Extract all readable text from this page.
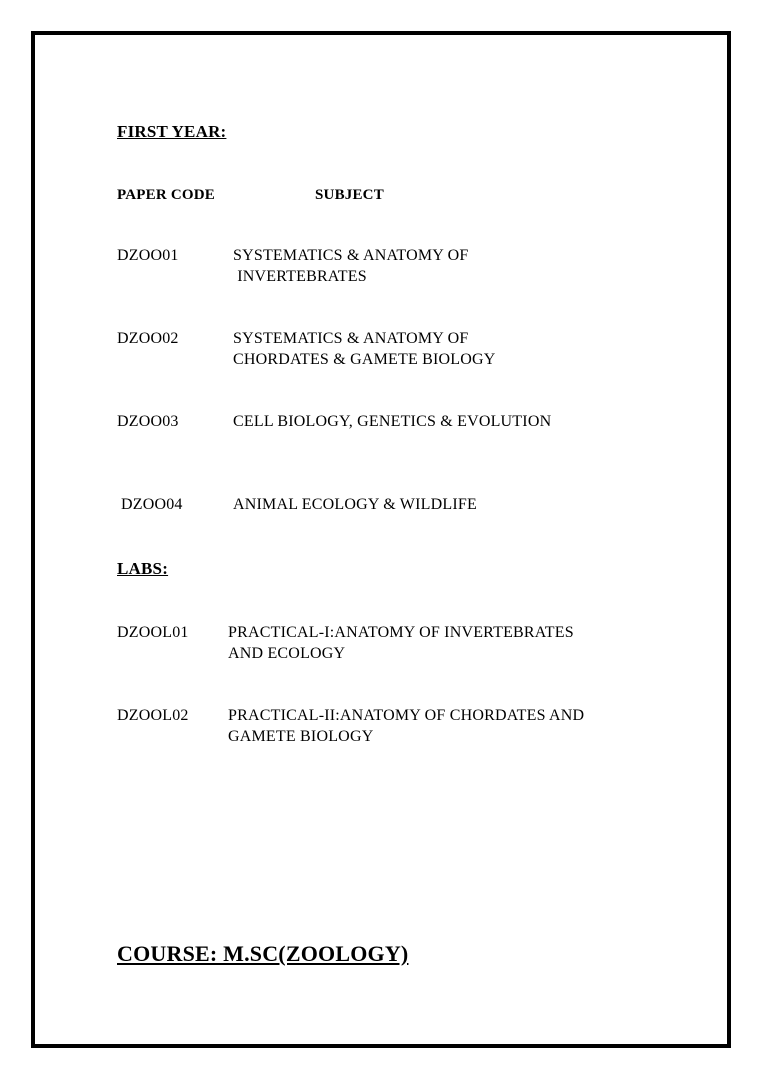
FIRST YEAR:
PAPER CODE	SUBJECT
DZOO01	SYSTEMATICS & ANATOMY OF
INVERTEBRATES
DZOO02	SYSTEMATICS & ANATOMY OF
CHORDATES & GAMETE BIOLOGY
DZOO03	CELL BIOLOGY, GENETICS & EVOLUTION
DZOO04	ANIMAL ECOLOGY & WILDLIFE
LABS:
DZOOL01 PRACTICAL-I:ANATOMY OF INVERTEBRATES
AND ECOLOGY
DZOOL02 PRACTICAL-II:ANATOMY OF CHORDATES AND
GAMETE BIOLOGY
COURSE: M.SC(ZOOLOGY)
